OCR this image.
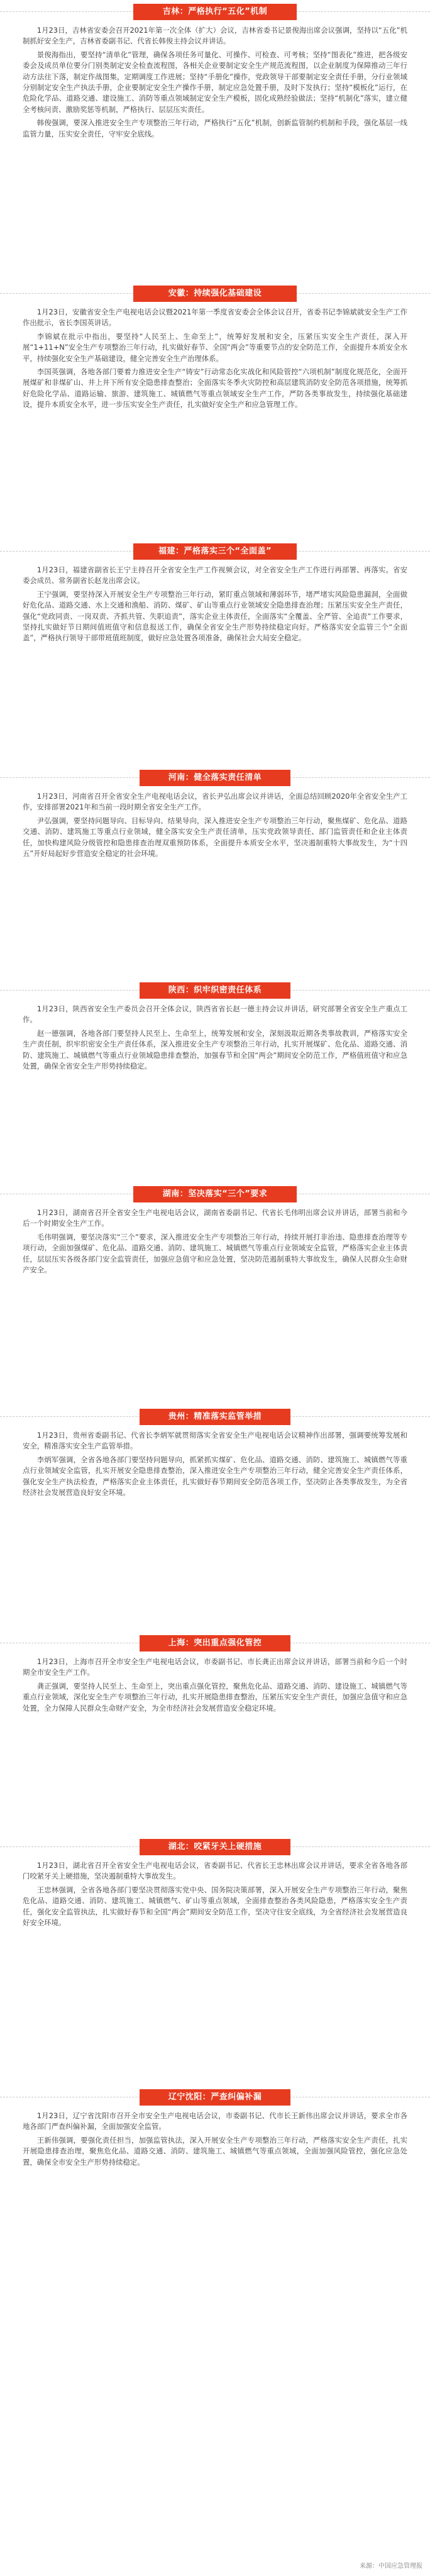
吉林：严格执行“五化”机制

1月23日，吉林省安委会召开2021年第一次全体（扩大）会议，吉林省委书记景俊海出席会议强调，坚持以“五化”机制抓好安全生产，吉林省委副书记、代省长韩俊主持会议并讲话。

景俊海指出，要坚持“清单化”管理，确保各项任务可量化、可操作、可检查、可考核；坚持“图表化”推进，把各级安委会及成员单位要分门别类制定安全检查流程图，各相关企业要制定安全生产规范流程图，以企业制度为保障推动三年行动方法往下落，制定作战图集，定期调度工作进展；坚持“手册化”操作，党政领导干部要制定安全责任手册，分行业领域分别制定安全生产执法手册，企业要制定安全生产操作手册，制定应急处置手册，及时下发执行；坚持“模板化”运行，在危险化学品、道路交通、建设施工、消防等重点领域制定安全生产模板，固化成熟经验做法；坚持“机制化”落实，建立健全考核问责、激励奖惩等机制，严格执行、层层压实责任。

韩俊强调，要深入推进安全生产专项整治三年行动，严格执行“五化”机制，创新监管制约机制和手段，强化基层一线监管力量，压实安全责任，守牢安全底线。

安徽：持续强化基础建设

1月23日，安徽省安全生产电视电话会议暨2021年第一季度省安委会全体会议召开，省委书记李锦斌就安全生产工作作出批示，省长李国英讲话。

李锦斌在批示中指出，要坚持“人民至上、生命至上”，统筹好发展和安全，压紧压实安全生产责任，深入开展“1+11+N”安全生产专项整治三年行动，扎实做好春节、全国“两会”等重要节点的安全防范工作，全面提升本质安全水平，持续强化安全生产基础建设，健全完善安全生产治理体系。

李国英强调，各地各部门要着力推进安全生产“铸安”行动常态化实战化和风险管控“六项机制”制度化规范化，全面开展煤矿和非煤矿山、井上井下所有安全隐患排查整治；全面落实冬季火灾防控和高层建筑消防安全防范各项措施，统筹抓好危险化学品、道路运输、旅游、建筑施工、城镇燃气等重点领域安全生产工作，严防各类事故发生，持续强化基础建设，提升本质安全水平，进一步压实安全生产责任，扎实做好安全生产和应急管理工作。

福建：严格落实三个“全面盖”

1月23日，福建省副省长王宁主持召开全省安全生产工作视频会议，对全省安全生产工作进行再部署、再落实。省安委会成员、常务副省长赵龙出席会议。

王宁强调，要坚持深入开展安全生产专项整治三年行动，紧盯重点领域和薄弱环节，堵严堵实风险隐患漏洞，全面做好危化品、道路交通、水上交通和渔船、消防、煤矿、矿山等重点行业领域安全隐患排查治理；压紧压实安全生产责任，强化“党政同责、一岗双责、齐抓共管、失职追责”，落实企业主体责任，全面落实“全覆盖、全严管、全追责”工作要求，坚持扎实做好节日期间值班值守和信息报送工作，确保全省安全生产形势持续稳定向好。严格落实安全监管三个“全面盖”，严格执行领导干部带班值班制度，做好应急处置各项准备，确保社会大局安全稳定。

河南：健全落实责任清单

1月23日，河南省召开全省安全生产电视电话会议，省长尹弘出席会议并讲话，全面总结回顾2020年全省安全生产工作，安排部署2021年和当前一段时期全省安全生产工作。

尹弘强调，要坚持问题导向、目标导向、结果导向，深入推进安全生产专项整治三年行动，聚焦煤矿、危化品、道路交通、消防、建筑施工等重点行业领域，健全落实安全生产责任清单，压实党政领导责任、部门监管责任和企业主体责任，加快构建风险分级管控和隐患排查治理双重预防体系，全面提升本质安全水平，坚决遏制重特大事故发生，为“十四五”开好局起好步营造安全稳定的社会环境。

陕西：织牢织密责任体系

1月23日，陕西省安全生产委员会召开全体会议，陕西省省长赵一德主持会议并讲话，研究部署全省安全生产重点工作。

赵一德强调，各地各部门要坚持人民至上、生命至上，统筹发展和安全，深刻汲取近期各类事故教训，严格落实安全生产责任制，织牢织密安全生产责任体系，深入推进安全生产专项整治三年行动，扎实开展煤矿、危化品、道路交通、消防、建筑施工、城镇燃气等重点行业领域隐患排查整治，加强春节和全国“两会”期间安全防范工作，严格值班值守和应急处置，确保全省安全生产形势持续稳定。

湖南：坚决落实“三个”要求

1月23日，湖南省召开全省安全生产电视电话会议，湖南省委副书记、代省长毛伟明出席会议并讲话，部署当前和今后一个时期安全生产工作。

毛伟明强调，要坚决落实“三个”要求，深入推进安全生产专项整治三年行动，持续开展打非治违、隐患排查治理等专项行动，全面加强煤矿、危化品、道路交通、消防、建筑施工、城镇燃气等重点行业领域安全监管，严格落实企业主体责任，层层压实各级各部门安全监管责任，加强应急值守和应急处置，坚决防范遏制重特大事故发生，确保人民群众生命财产安全。

贵州：精准落实监管举措

1月23日，贵州省委副书记、代省长李炳军就贯彻落实全省安全生产电视电话会议精神作出部署，强调要统筹发展和安全，精准落实安全生产监管举措。

李炳军强调，全省各地各部门要坚持问题导向，抓紧抓实煤矿、危化品、道路交通、消防、建筑施工、城镇燃气等重点行业领域安全监管，扎实开展安全隐患排查整治，深入推进安全生产专项整治三年行动，健全完善安全生产责任体系，强化安全生产执法检查，严格落实企业主体责任，扎实做好春节期间安全防范各项工作，坚决防止各类事故发生，为全省经济社会发展营造良好安全环境。

上海：突出重点强化管控

1月23日，上海市召开全市安全生产电视电话会议，市委副书记、市长龚正出席会议并讲话，部署当前和今后一个时期全市安全生产工作。

龚正强调，要坚持人民至上、生命至上，突出重点强化管控，聚焦危化品、道路交通、消防、建设施工、城镇燃气等重点行业领域，深化安全生产专项整治三年行动，扎实开展隐患排查整治，压紧压实安全生产责任，加强应急值守和应急处置，全力保障人民群众生命财产安全，为全市经济社会发展营造安全稳定环境。

湖北：咬紧牙关上硬措施

1月23日，湖北省召开全省安全生产电视电话会议，省委副书记、代省长王忠林出席会议并讲话，要求全省各地各部门咬紧牙关上硬措施，坚决遏制重特大事故发生。

王忠林强调，全省各地各部门要坚决贯彻落实党中央、国务院决策部署，深入开展安全生产专项整治三年行动，聚焦危化品、道路交通、消防、建筑施工、城镇燃气、矿山等重点领域，全面排查整治各类风险隐患，严格落实安全生产责任，强化安全监管执法，扎实做好春节和全国“两会”期间安全防范工作，坚决守住安全底线，为全省经济社会发展营造良好安全环境。

辽宁沈阳：严查纠偏补漏

1月23日，辽宁省沈阳市召开全市安全生产电视电话会议，市委副书记、代市长王新伟出席会议并讲话，要求全市各地各部门严查纠偏补漏，全面加强安全监管。

王新伟强调，要强化责任担当，加强监管执法，深入开展安全生产专项整治三年行动，严格落实安全生产责任，扎实开展隐患排查治理，聚焦危化品、道路交通、消防、建筑施工、城镇燃气等重点领域，全面加强风险管控，强化应急处置，确保全市安全生产形势持续稳定。

来源：中国应急管理报
